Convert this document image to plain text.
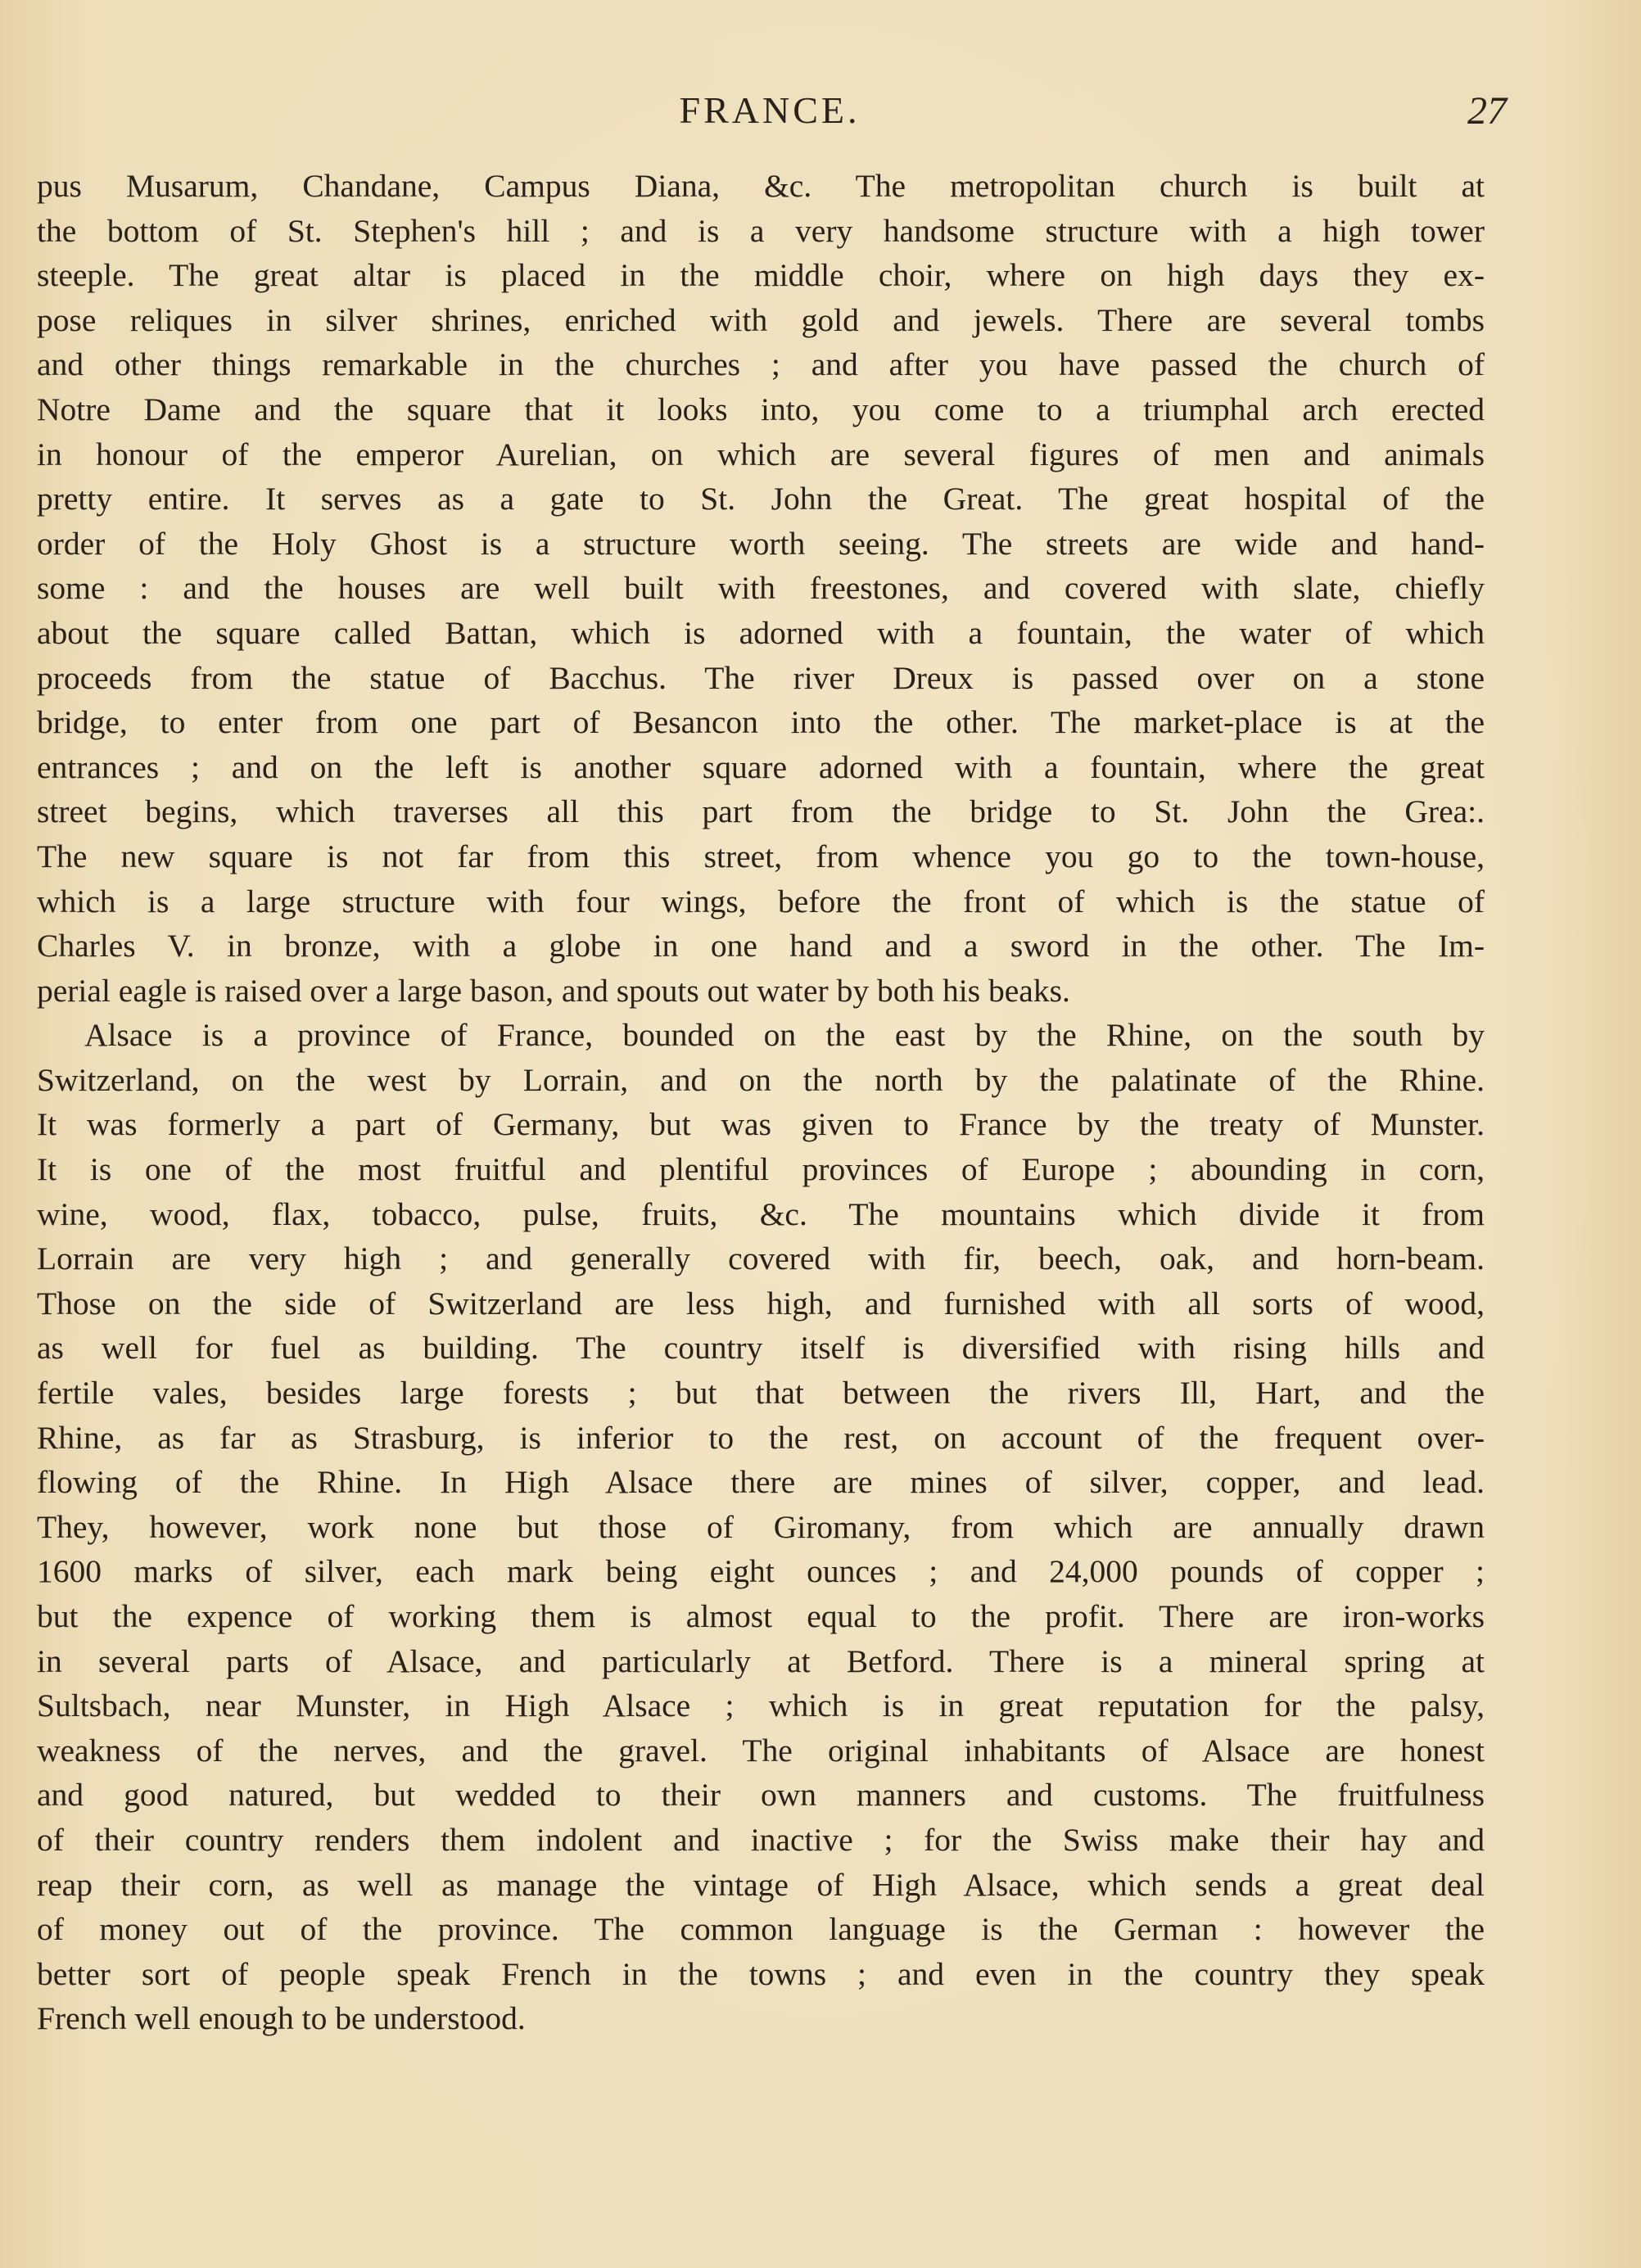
FRANCE.	27
pus Musarum, Chandane, Campus Diana, &c. The metropolitan church is built at
the bottom of St. Stephen's hill ; and is a very handsome structure with a high tower
steeple. The great altar is placed in the middle choir, where on high days they ex-
pose reliques in silver shrines, enriched with gold and jewels. There are several tombs
and other things remarkable in the churches ; and after you have passed the church of
Notre Dame and the square that it looks into, you come to a triumphal arch erected
in honour of the emperor Aurelian, on which are several figures of men and animals
pretty entire. It serves as a gate to St. John the Great. The great hospital of the
order of the Holy Ghost is a structure worth seeing. The streets are wide and hand-
some : and the houses are well built with freestones, and covered with slate, chiefly
about the square called Battan, which is adorned with a fountain, the water of which
proceeds from the statue of Bacchus. The river Dreux is passed over on a stone
bridge, to enter from one part of Besancon into the other. The market-place is at the
entrances ; and on the left is another square adorned with a fountain, where the great
street begins, which traverses all this part from the bridge to St. John the Grea:.
The new square is not far from this street, from whence you go to the town-house,
which is a large structure with four wings, before the front of which is the statue of
Charles V. in bronze, with a globe in one hand and a sword in the other. The Im-
perial eagle is raised over a large bason, and spouts out water by both his beaks.
Alsace is a province of France, bounded on the east by the Rhine, on the south by
Switzerland, on the west by Lorrain, and on the north by the palatinate of the Rhine.
It was formerly a part of Germany, but was given to France by the treaty of Munster.
It is one of the most fruitful and plentiful provinces of Europe ; abounding in corn,
wine, wood, flax, tobacco, pulse, fruits, &c. The mountains which divide it from
Lorrain are very high ; and generally covered with fir, beech, oak, and horn-beam.
Those on the side of Switzerland are less high, and furnished with all sorts of wood,
as well for fuel as building. The country itself is diversified with rising hills and
fertile vales, besides large forests ; but that between the rivers Ill, Hart, and the
Rhine, as far as Strasburg, is inferior to the rest, on account of the frequent over-
flowing of the Rhine. In High Alsace there are mines of silver, copper, and lead.
They, however, work none but those of Giromany, from which are annually drawn
1600 marks of silver, each mark being eight ounces ; and 24,000 pounds of copper ;
but the expence of working them is almost equal to the profit. There are iron-works
in several parts of Alsace, and particularly at Betford. There is a mineral spring at
Sultsbach, near Munster, in High Alsace ; which is in great reputation for the palsy,
weakness of the nerves, and the gravel. The original inhabitants of Alsace are honest
and good natured, but wedded to their own manners and customs. The fruitfulness
of their country renders them indolent and inactive ; for the Swiss make their hay and
reap their corn, as well as manage the vintage of High Alsace, which sends a great deal
of money out of the province. The common language is the German : however the
better sort of people speak French in the towns ; and even in the country they speak
French well enough to be understood.
